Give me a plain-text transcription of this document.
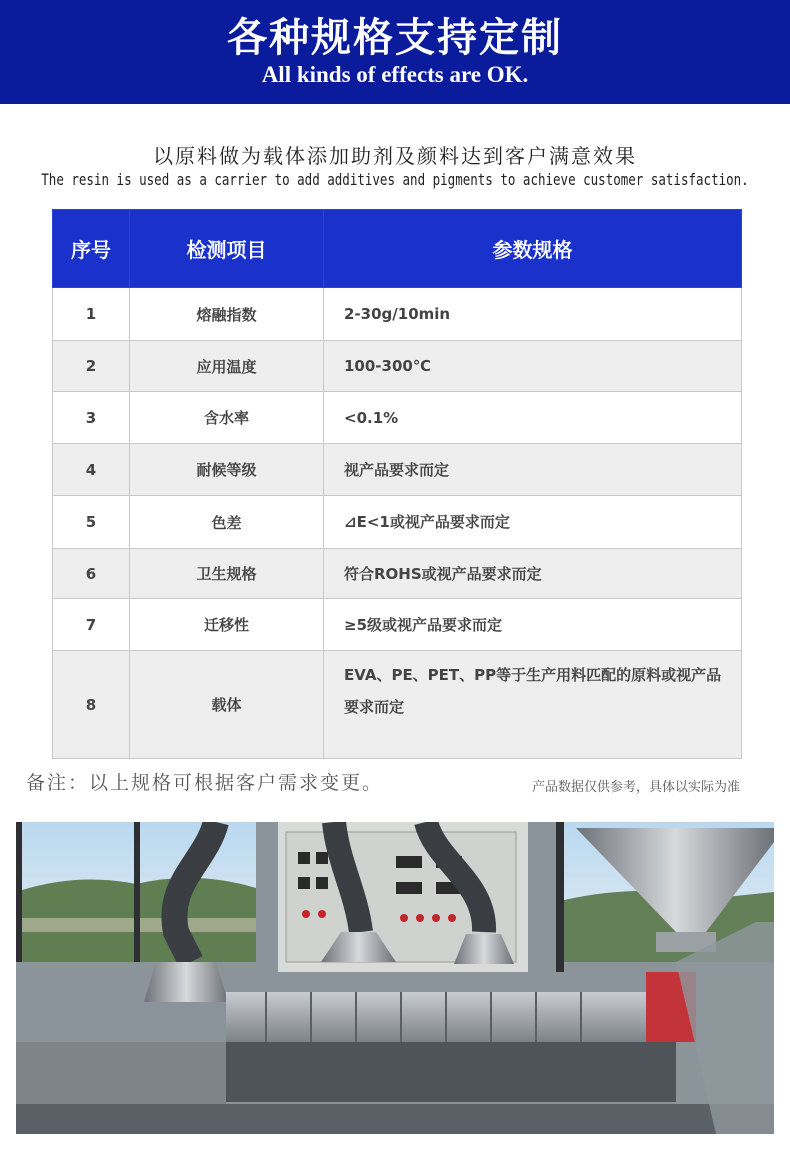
各种规格支持定制
All kinds of effects are OK.
以原料做为载体添加助剂及颜料达到客户满意效果
The resin is used as a carrier to add additives and pigments to achieve customer satisfaction.
序号	检测项目	参数规格
1	熔融指数	2-30g/10min
2	应用温度	100-300℃
3	含水率	<0.1%
4	耐候等级	视产品要求而定
5	色差	⊿E<1或视产品要求而定
6	卫生规格	符合ROHS或视产品要求而定
7	迁移性	≥5级或视产品要求而定
8	载体	EVA、PE、PET、PP等于生产用料匹配的原料或视产品要求而定
备注：以上规格可根据客户需求变更。	产品数据仅供参考，具体以实际为准
